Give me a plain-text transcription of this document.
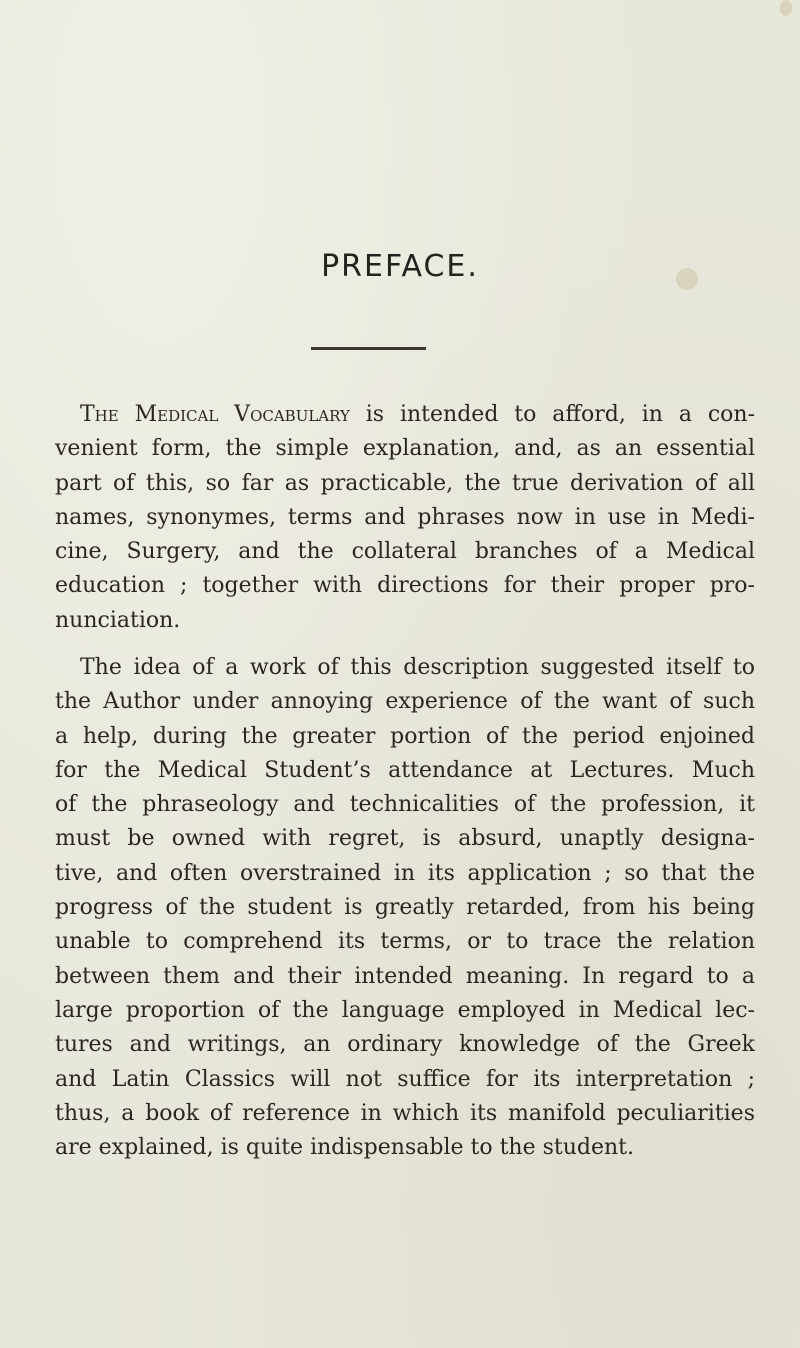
PREFACE.
The Medical Vocabulary is intended to afford, in a con-
venient form, the simple explanation, and, as an essential
part of this, so far as practicable, the true derivation of all
names, synonymes, terms and phrases now in use in Medi-
cine, Surgery, and the collateral branches of a Medical
education ; together with directions for their proper pro-
nunciation.
The idea of a work of this description suggested itself to
the Author under annoying experience of the want of such
a help, during the greater portion of the period enjoined
for the Medical Student’s attendance at Lectures. Much
of the phraseology and technicalities of the profession, it
must be owned with regret, is absurd, unaptly designa-
tive, and often overstrained in its application ; so that the
progress of the student is greatly retarded, from his being
unable to comprehend its terms, or to trace the relation
between them and their intended meaning. In regard to a
large proportion of the language employed in Medical lec-
tures and writings, an ordinary knowledge of the Greek
and Latin Classics will not suffice for its interpretation ;
thus, a book of reference in which its manifold peculiarities
are explained, is quite indispensable to the student.
